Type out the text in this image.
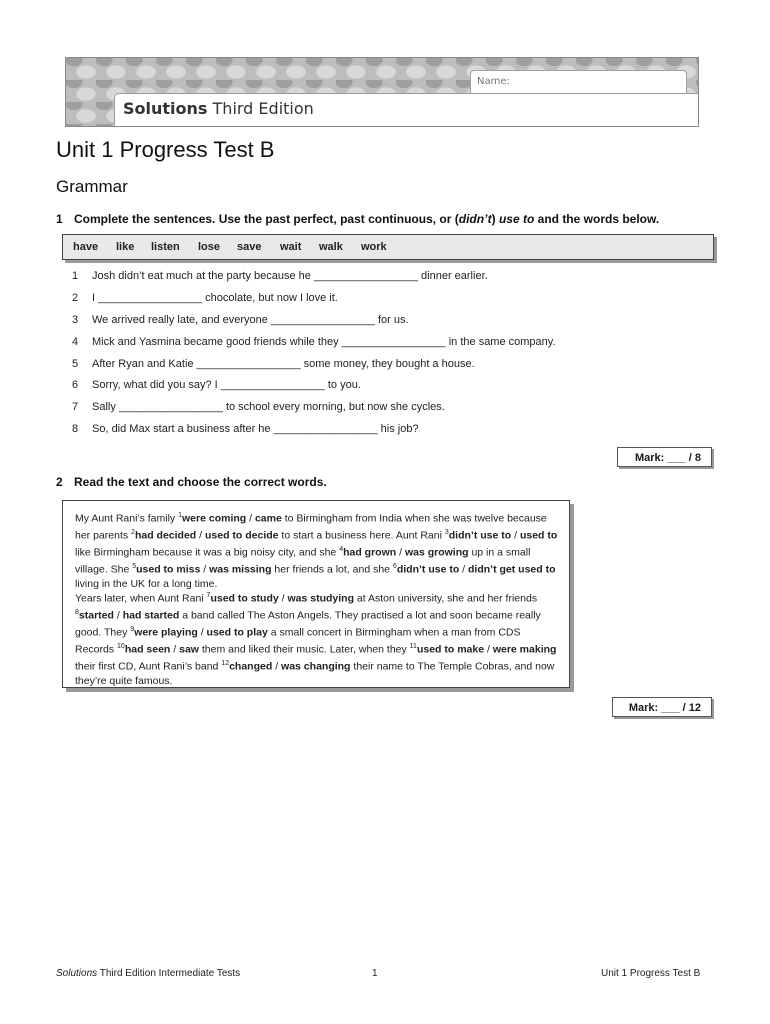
Name:
Solutions Third Edition
Unit 1 Progress Test B
Grammar
1 Complete the sentences. Use the past perfect, past continuous, or (didn’t) use to and the words below.
have like listen lose save wait walk work
1 Josh didn’t eat much at the party because he _________________ dinner earlier.
2 I _________________ chocolate, but now I love it.
3 We arrived really late, and everyone _________________ for us.
4 Mick and Yasmina became good friends while they _________________ in the same company.
5 After Ryan and Katie _________________ some money, they bought a house.
6 Sorry, what did you say? I _________________ to you.
7 Sally _________________ to school every morning, but now she cycles.
8 So, did Max start a business after he _________________ his job?
Mark: ___ / 8
2 Read the text and choose the correct words.
My Aunt Rani’s family $^1$were coming / came to Birmingham from India when she was twelve because her parents $^2$had decided / used to decide to start a business here. Aunt Rani $^3$didn’t use to / used to like Birmingham because it was a big noisy city, and she $^4$had grown / was growing up in a small village. She $^5$used to miss / was missing her friends a lot, and she $^6$didn’t use to / didn’t get used to living in the UK for a long time.
Years later, when Aunt Rani $^7$used to study / was studying at Aston university, she and her friends $^8$started / had started a band called The Aston Angels. They practised a lot and soon became really good. They $^9$were playing / used to play a small concert in Birmingham when a man from CDS Records $^{10}$had seen / saw them and liked their music. Later, when they $^{11}$used to make / were making their first CD, Aunt Rani’s band $^{12}$changed / was changing their name to The Temple Cobras, and now they’re quite famous.
Mark: ___ / 12
Solutions Third Edition Intermediate Tests	1	Unit 1 Progress Test B
